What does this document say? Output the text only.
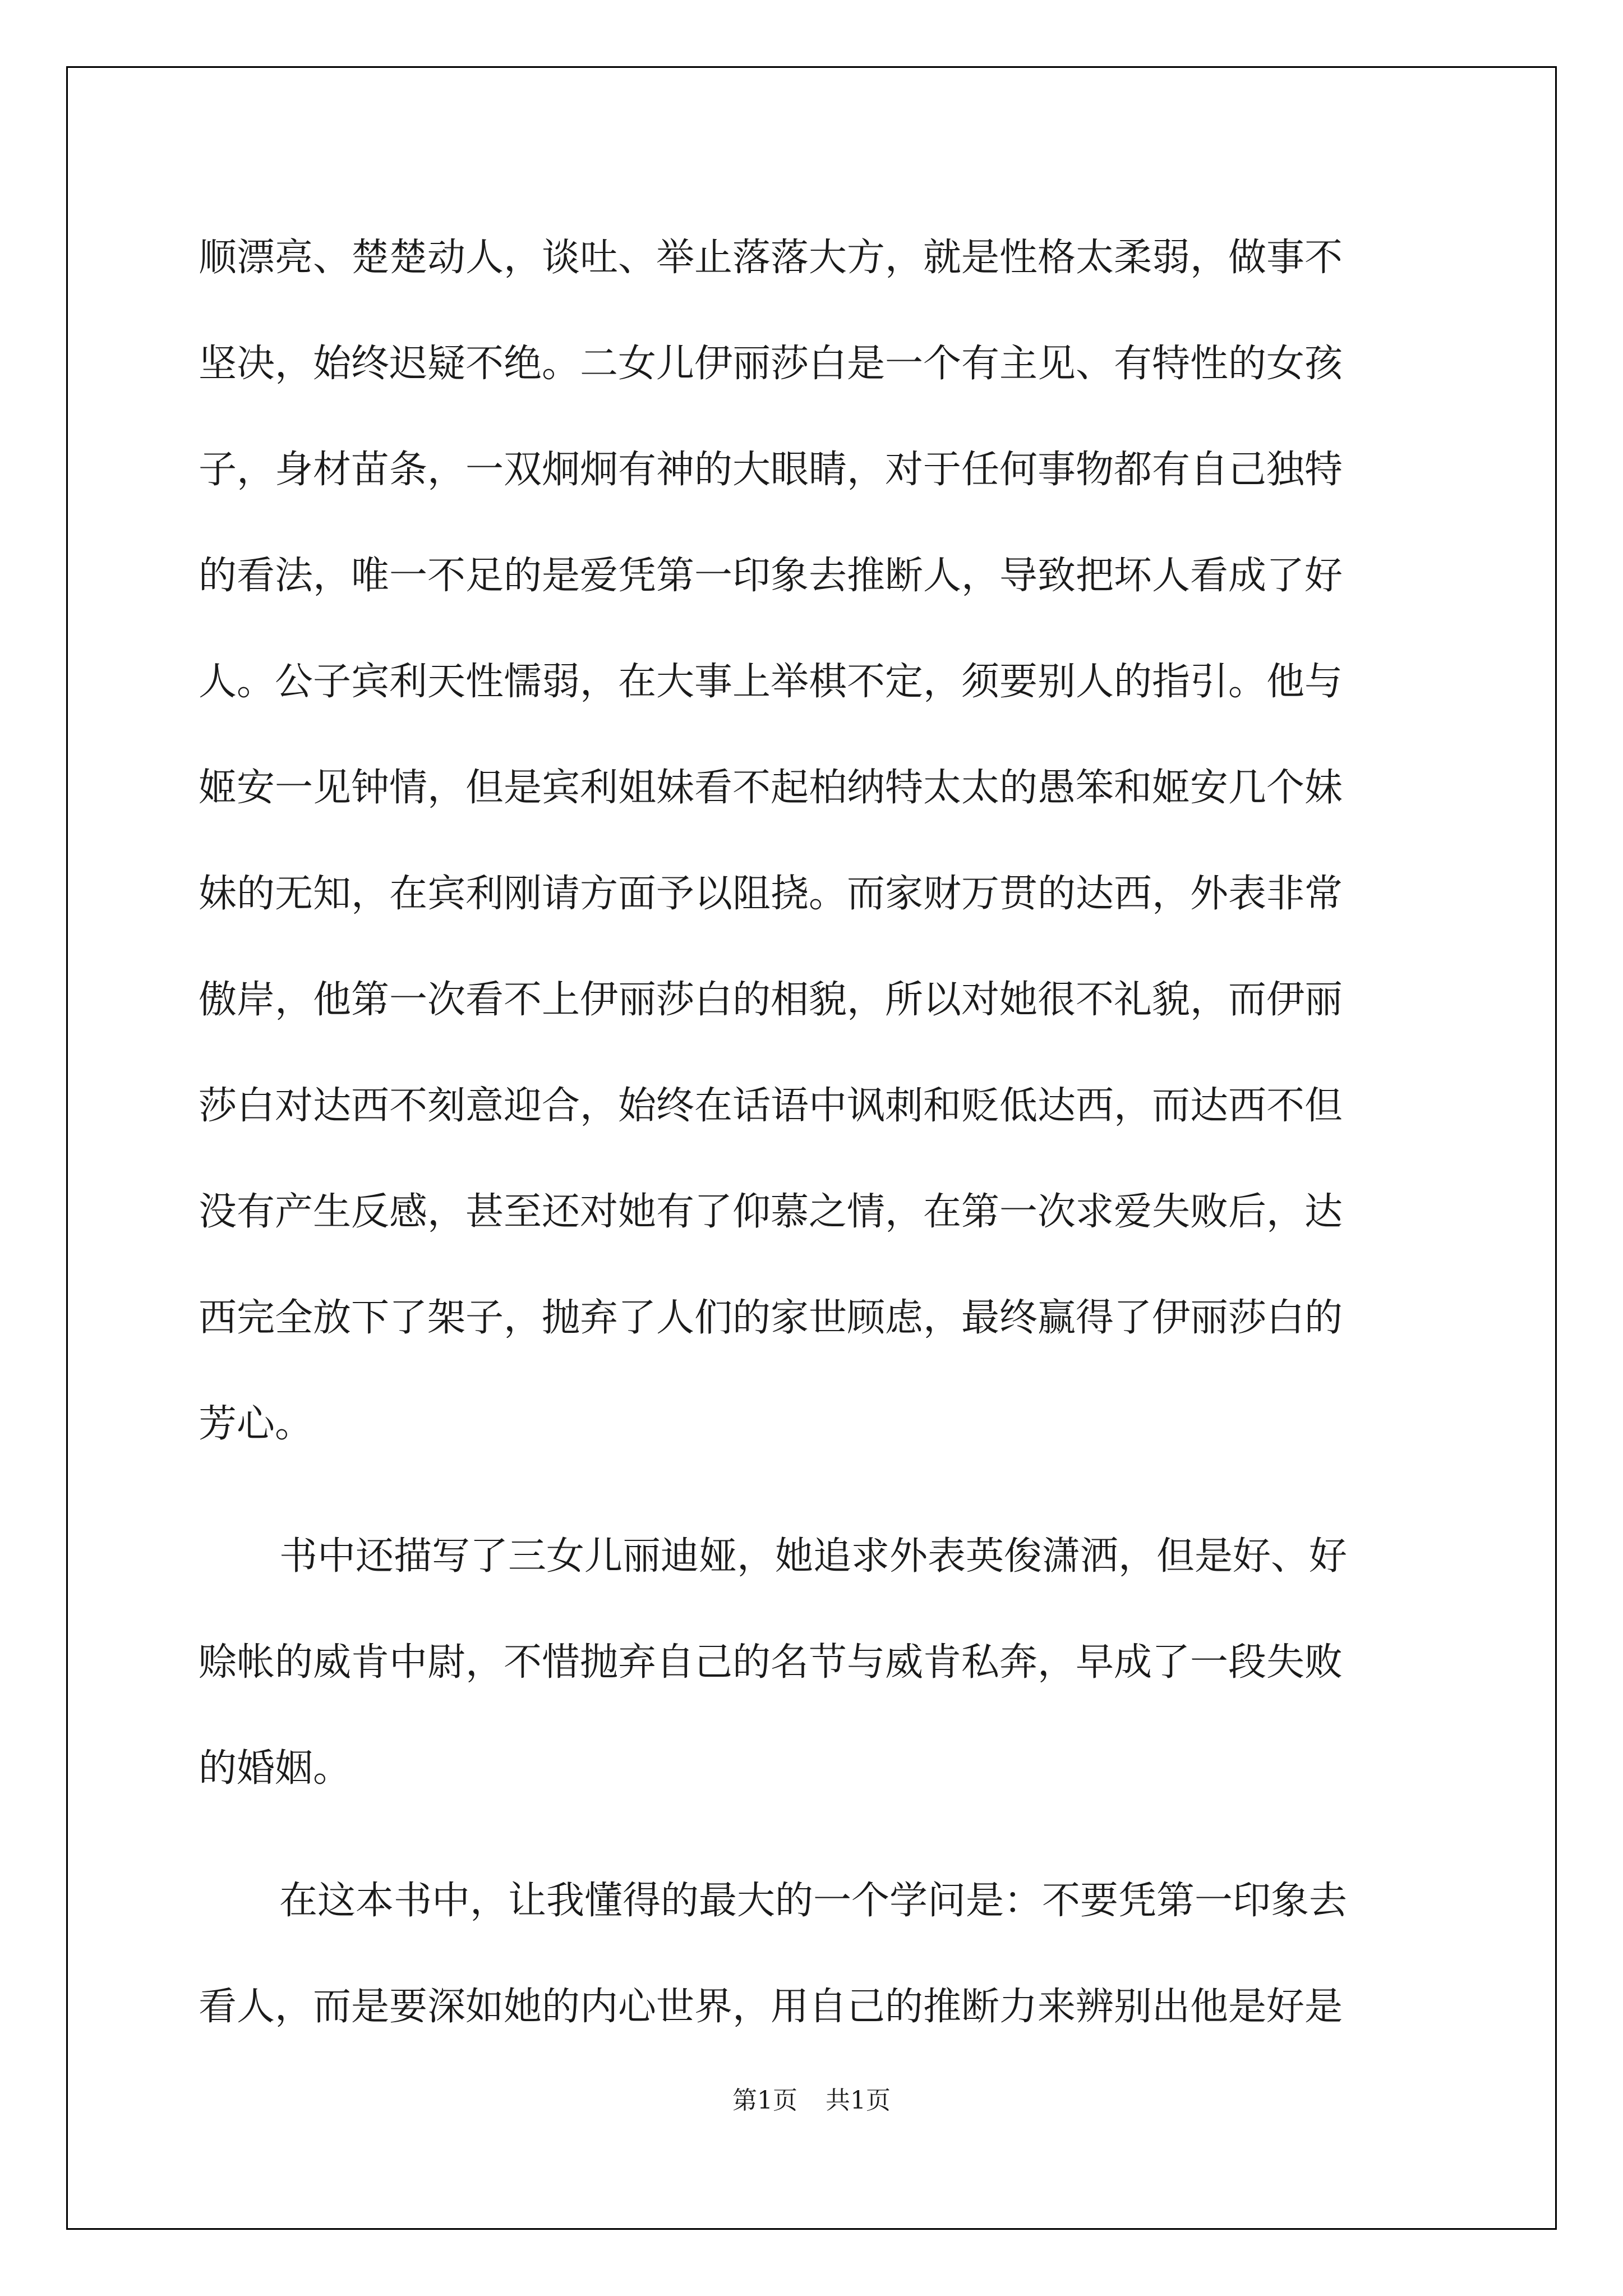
顺漂亮、楚楚动人，谈吐、举止落落大方，就是性格太柔弱，做事不
坚决，始终迟疑不绝。二女儿伊丽莎白是一个有主见、有特性的女孩
子，身材苗条，一双炯炯有神的大眼睛，对于任何事物都有自己独特
的看法，唯一不足的是爱凭第一印象去推断人，导致把坏人看成了好
人。公子宾利天性懦弱，在大事上举棋不定，须要别人的指引。他与
姬安一见钟情，但是宾利姐妹看不起柏纳特太太的愚笨和姬安几个妹
妹的无知，在宾利刚请方面予以阻挠。而家财万贯的达西，外表非常
傲岸，他第一次看不上伊丽莎白的相貌，所以对她很不礼貌，而伊丽
莎白对达西不刻意迎合，始终在话语中讽刺和贬低达西，而达西不但
没有产生反感，甚至还对她有了仰慕之情，在第一次求爱失败后，达
西完全放下了架子，抛弃了人们的家世顾虑，最终赢得了伊丽莎白的
芳心。
书中还描写了三女儿丽迪娅，她追求外表英俊潇洒，但是好、好
赊帐的威肯中尉，不惜抛弃自己的名节与威肯私奔，早成了一段失败
的婚姻。
在这本书中，让我懂得的最大的一个学问是：不要凭第一印象去
看人，而是要深如她的内心世界，用自己的推断力来辨别出他是好是
第1页 共1页
